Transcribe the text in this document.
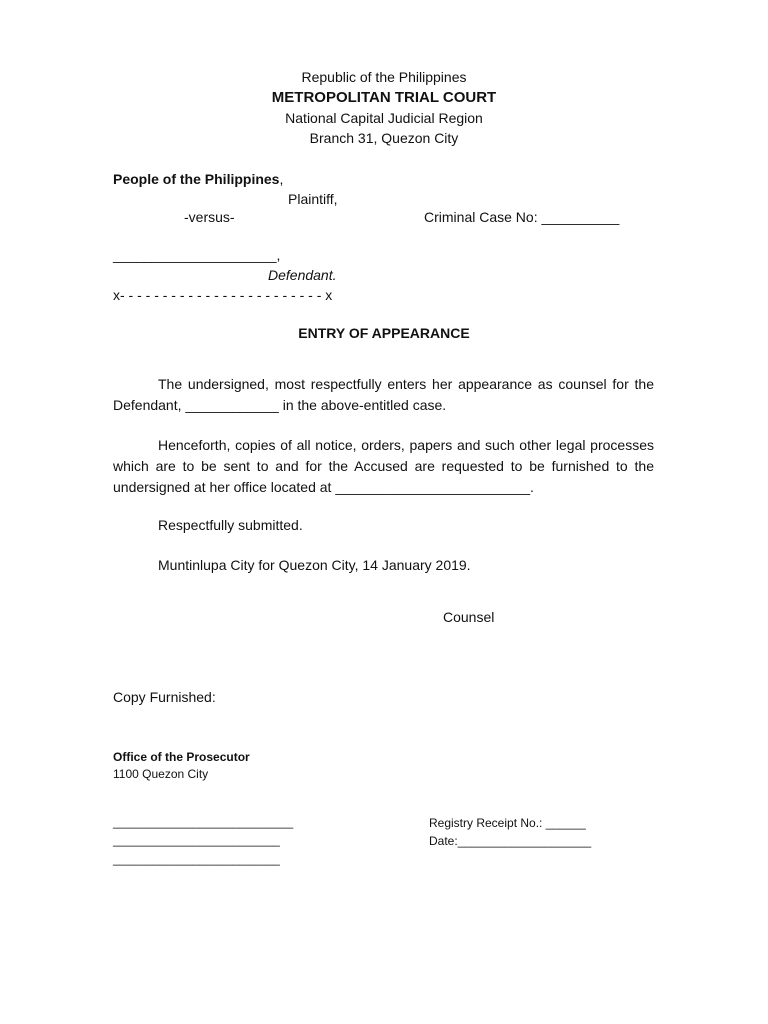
Republic of the Philippines
METROPOLITAN TRIAL COURT
National Capital Judicial Region
Branch 31, Quezon City
People of the Philippines,
Plaintiff,
-versus-	Criminal Case No: __________
_____________________,
Defendant.
x- - - - - - - - - - - - - - - - - - - - - - - - x
ENTRY OF APPEARANCE
The undersigned, most respectfully enters her appearance as counsel for the Defendant, ____________ in the above-entitled case.
Henceforth, copies of all notice, orders, papers and such other legal processes which are to be sent to and for the Accused are requested to be furnished to the undersigned at her office located at _________________________.
Respectfully submitted.
Muntinlupa City for Quezon City, 14 January 2019.
Counsel
Copy Furnished:
Office of the Prosecutor
1100 Quezon City
___________________________
_________________________
_________________________
Registry Receipt No.: ______
Date:____________________
